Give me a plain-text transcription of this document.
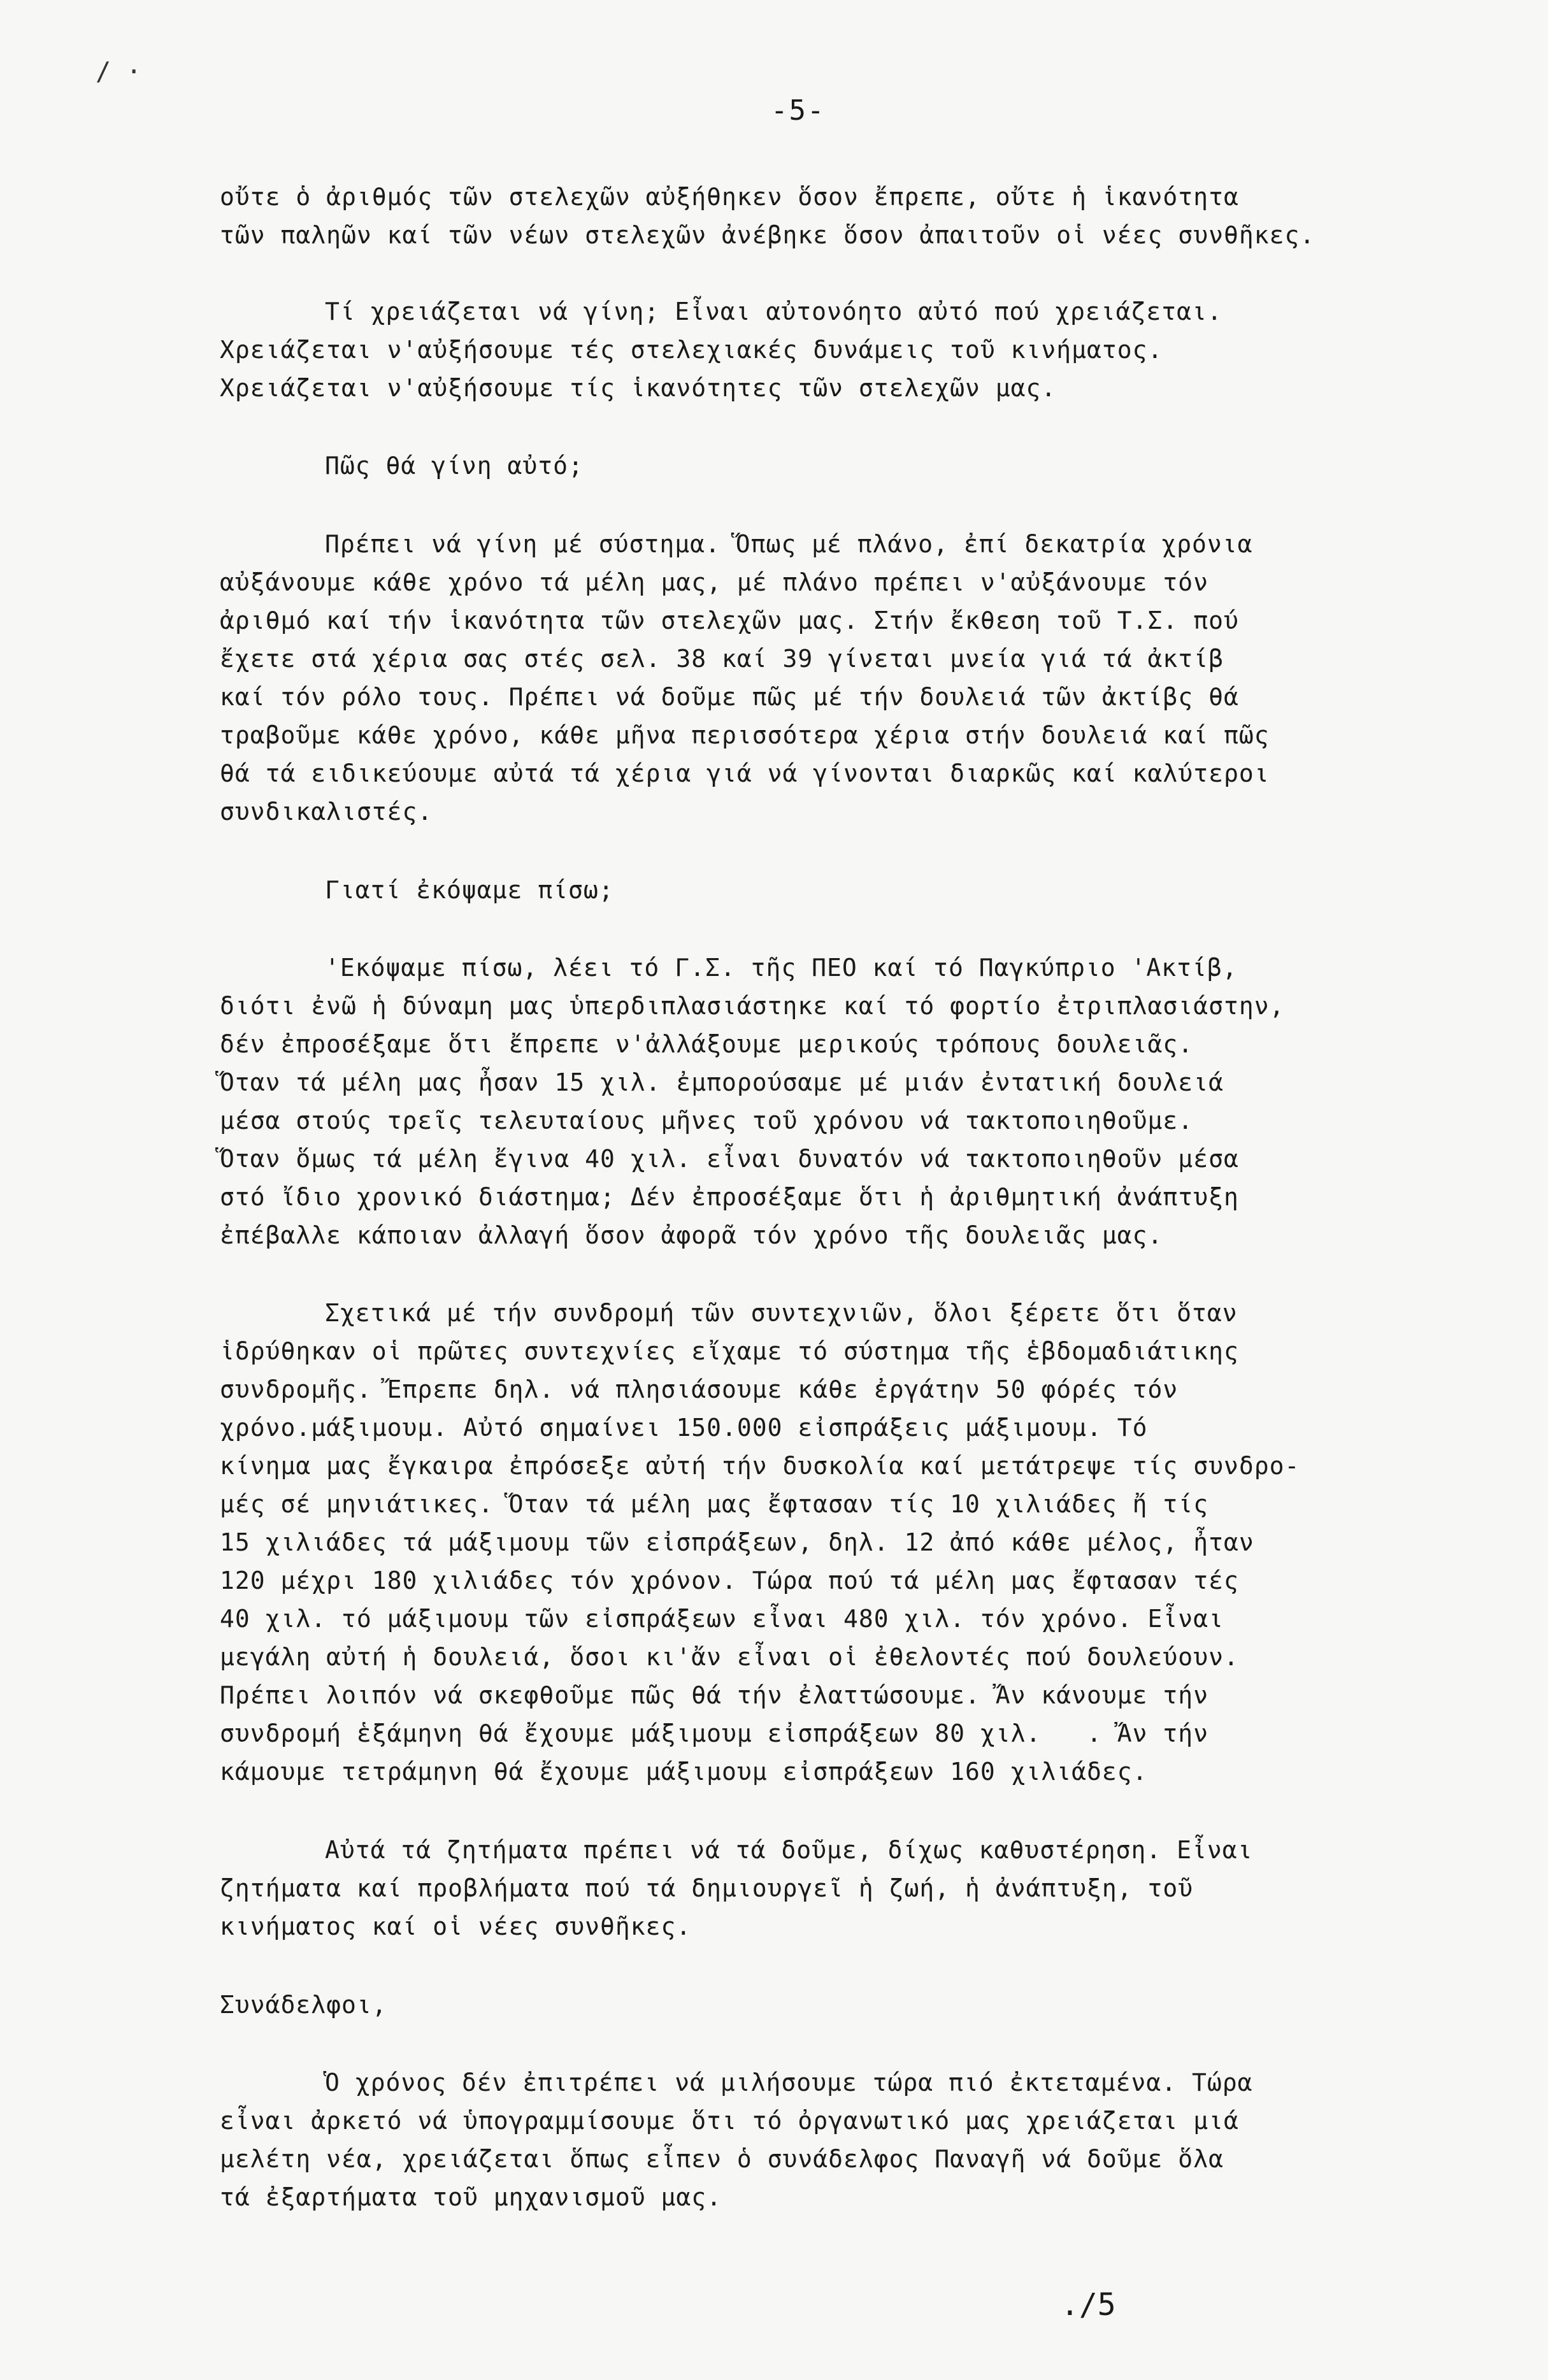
/ ·
-5-
οὔτε ὁ ἀριθμός τῶν στελεχῶν αὐξήθηκεν ὅσον ἔπρεπε, οὔτε ἡ ἱκανότητα
τῶν παληῶν καί τῶν νέων στελεχῶν ἀνέβηκε ὅσον ἀπαιτοῦν οἱ νέες συνθῆκες.
Τί χρειάζεται νά γίνη; Εἶναι αὐτονόητο αὐτό πού χρειάζεται.
Χρειάζεται ν'αὐξήσουμε τές στελεχιακές δυνάμεις τοῦ κινήματος.
Χρειάζεται ν'αὐξήσουμε τίς ἱκανότητες τῶν στελεχῶν μας.
Πῶς θά γίνη αὐτό;
Πρέπει νά γίνη μέ σύστημα. Ὅπως μέ πλάνο, ἐπί δεκατρία χρόνια
αὐξάνουμε κάθε χρόνο τά μέλη μας, μέ πλάνο πρέπει ν'αὐξάνουμε τόν
ἀριθμό καί τήν ἱκανότητα τῶν στελεχῶν μας. Στήν ἔκθεση τοῦ Τ.Σ. πού
ἔχετε στά χέρια σας στές σελ. 38 καί 39 γίνεται μνεία γιά τά ἀκτίβ
καί τόν ρόλο τους. Πρέπει νά δοῦμε πῶς μέ τήν δουλειά τῶν ἀκτίβς θά
τραβοῦμε κάθε χρόνο, κάθε μῆνα περισσότερα χέρια στήν δουλειά καί πῶς
θά τά ειδικεύουμε αὐτά τά χέρια γιά νά γίνονται διαρκῶς καί καλύτεροι
συνδικαλιστές.
Γιατί ἐκόψαμε πίσω;
'Εκόψαμε πίσω, λέει τό Γ.Σ. τῆς ΠΕΟ καί τό Παγκύπριο 'Ακτίβ,
διότι ἐνῶ ἡ δύναμη μας ὑπερδιπλασιάστηκε καί τό φορτίο ἐτριπλασιάστην,
δέν ἐπροσέξαμε ὅτι ἔπρεπε ν'ἀλλάξουμε μερικούς τρόπους δουλειᾶς.
Ὅταν τά μέλη μας ἦσαν 15 χιλ. ἐμπορούσαμε μέ μιάν ἐντατική δουλειά
μέσα στούς τρεῖς τελευταίους μῆνες τοῦ χρόνου νά τακτοποιηθοῦμε.
Ὅταν ὅμως τά μέλη ἔγινα 40 χιλ. εἶναι δυνατόν νά τακτοποιηθοῦν μέσα
στό ἴδιο χρονικό διάστημα; Δέν ἐπροσέξαμε ὅτι ἡ ἀριθμητική ἀνάπτυξη
ἐπέβαλλε κάποιαν ἀλλαγή ὅσον ἀφορᾶ τόν χρόνο τῆς δουλειᾶς μας.
Σχετικά μέ τήν συνδρομή τῶν συντεχνιῶν, ὅλοι ξέρετε ὅτι ὅταν
ἱδρύθηκαν οἱ πρῶτες συντεχνίες εἴχαμε τό σύστημα τῆς ἑβδομαδιάτικης
συνδρομῆς. Ἔπρεπε δηλ. νά πλησιάσουμε κάθε ἐργάτην 50 φόρές τόν
χρόνο.μάξιμουμ. Αὐτό σημαίνει 150.000 εἰσπράξεις μάξιμουμ. Τό
κίνημα μας ἔγκαιρα ἐπρόσεξε αὐτή τήν δυσκολία καί μετάτρεψε τίς συνδρο-
μές σέ μηνιάτικες. Ὅταν τά μέλη μας ἔφτασαν τίς 10 χιλιάδες ἤ τίς
15 χιλιάδες τά μάξιμουμ τῶν εἰσπράξεων, δηλ. 12 ἀπό κάθε μέλος, ἦταν
120 μέχρι 180 χιλιάδες τόν χρόνον. Τώρα πού τά μέλη μας ἔφτασαν τές
40 χιλ. τό μάξιμουμ τῶν εἰσπράξεων εἶναι 480 χιλ. τόν χρόνο. Εἶναι
μεγάλη αὐτή ἡ δουλειά, ὅσοι κι'ἄν εἶναι οἱ ἐθελοντές πού δουλεύουν.
Πρέπει λοιπόν νά σκεφθοῦμε πῶς θά τήν ἐλαττώσουμε. Ἄν κάνουμε τήν
συνδρομή ἑξάμηνη θά ἔχουμε μάξιμουμ εἰσπράξεων 80 χιλ.   . Ἄν τήν
κάμουμε τετράμηνη θά ἔχουμε μάξιμουμ εἰσπράξεων 160 χιλιάδες.
Αὐτά τά ζητήματα πρέπει νά τά δοῦμε, δίχως καθυστέρηση. Εἶναι
ζητήματα καί προβλήματα πού τά δημιουργεῖ ἡ ζωή, ἡ ἀνάπτυξη, τοῦ
κινήματος καί οἱ νέες συνθῆκες.
Συνάδελφοι,
Ὁ χρόνος δέν ἐπιτρέπει νά μιλήσουμε τώρα πιό ἐκτεταμένα. Τώρα
εἶναι ἀρκετό νά ὑπογραμμίσουμε ὅτι τό ὀργανωτικό μας χρειάζεται μιά
μελέτη νέα, χρειάζεται ὅπως εἶπεν ὁ συνάδελφος Παναγῆ νά δοῦμε ὅλα
τά ἐξαρτήματα τοῦ μηχανισμοῦ μας.
./5
